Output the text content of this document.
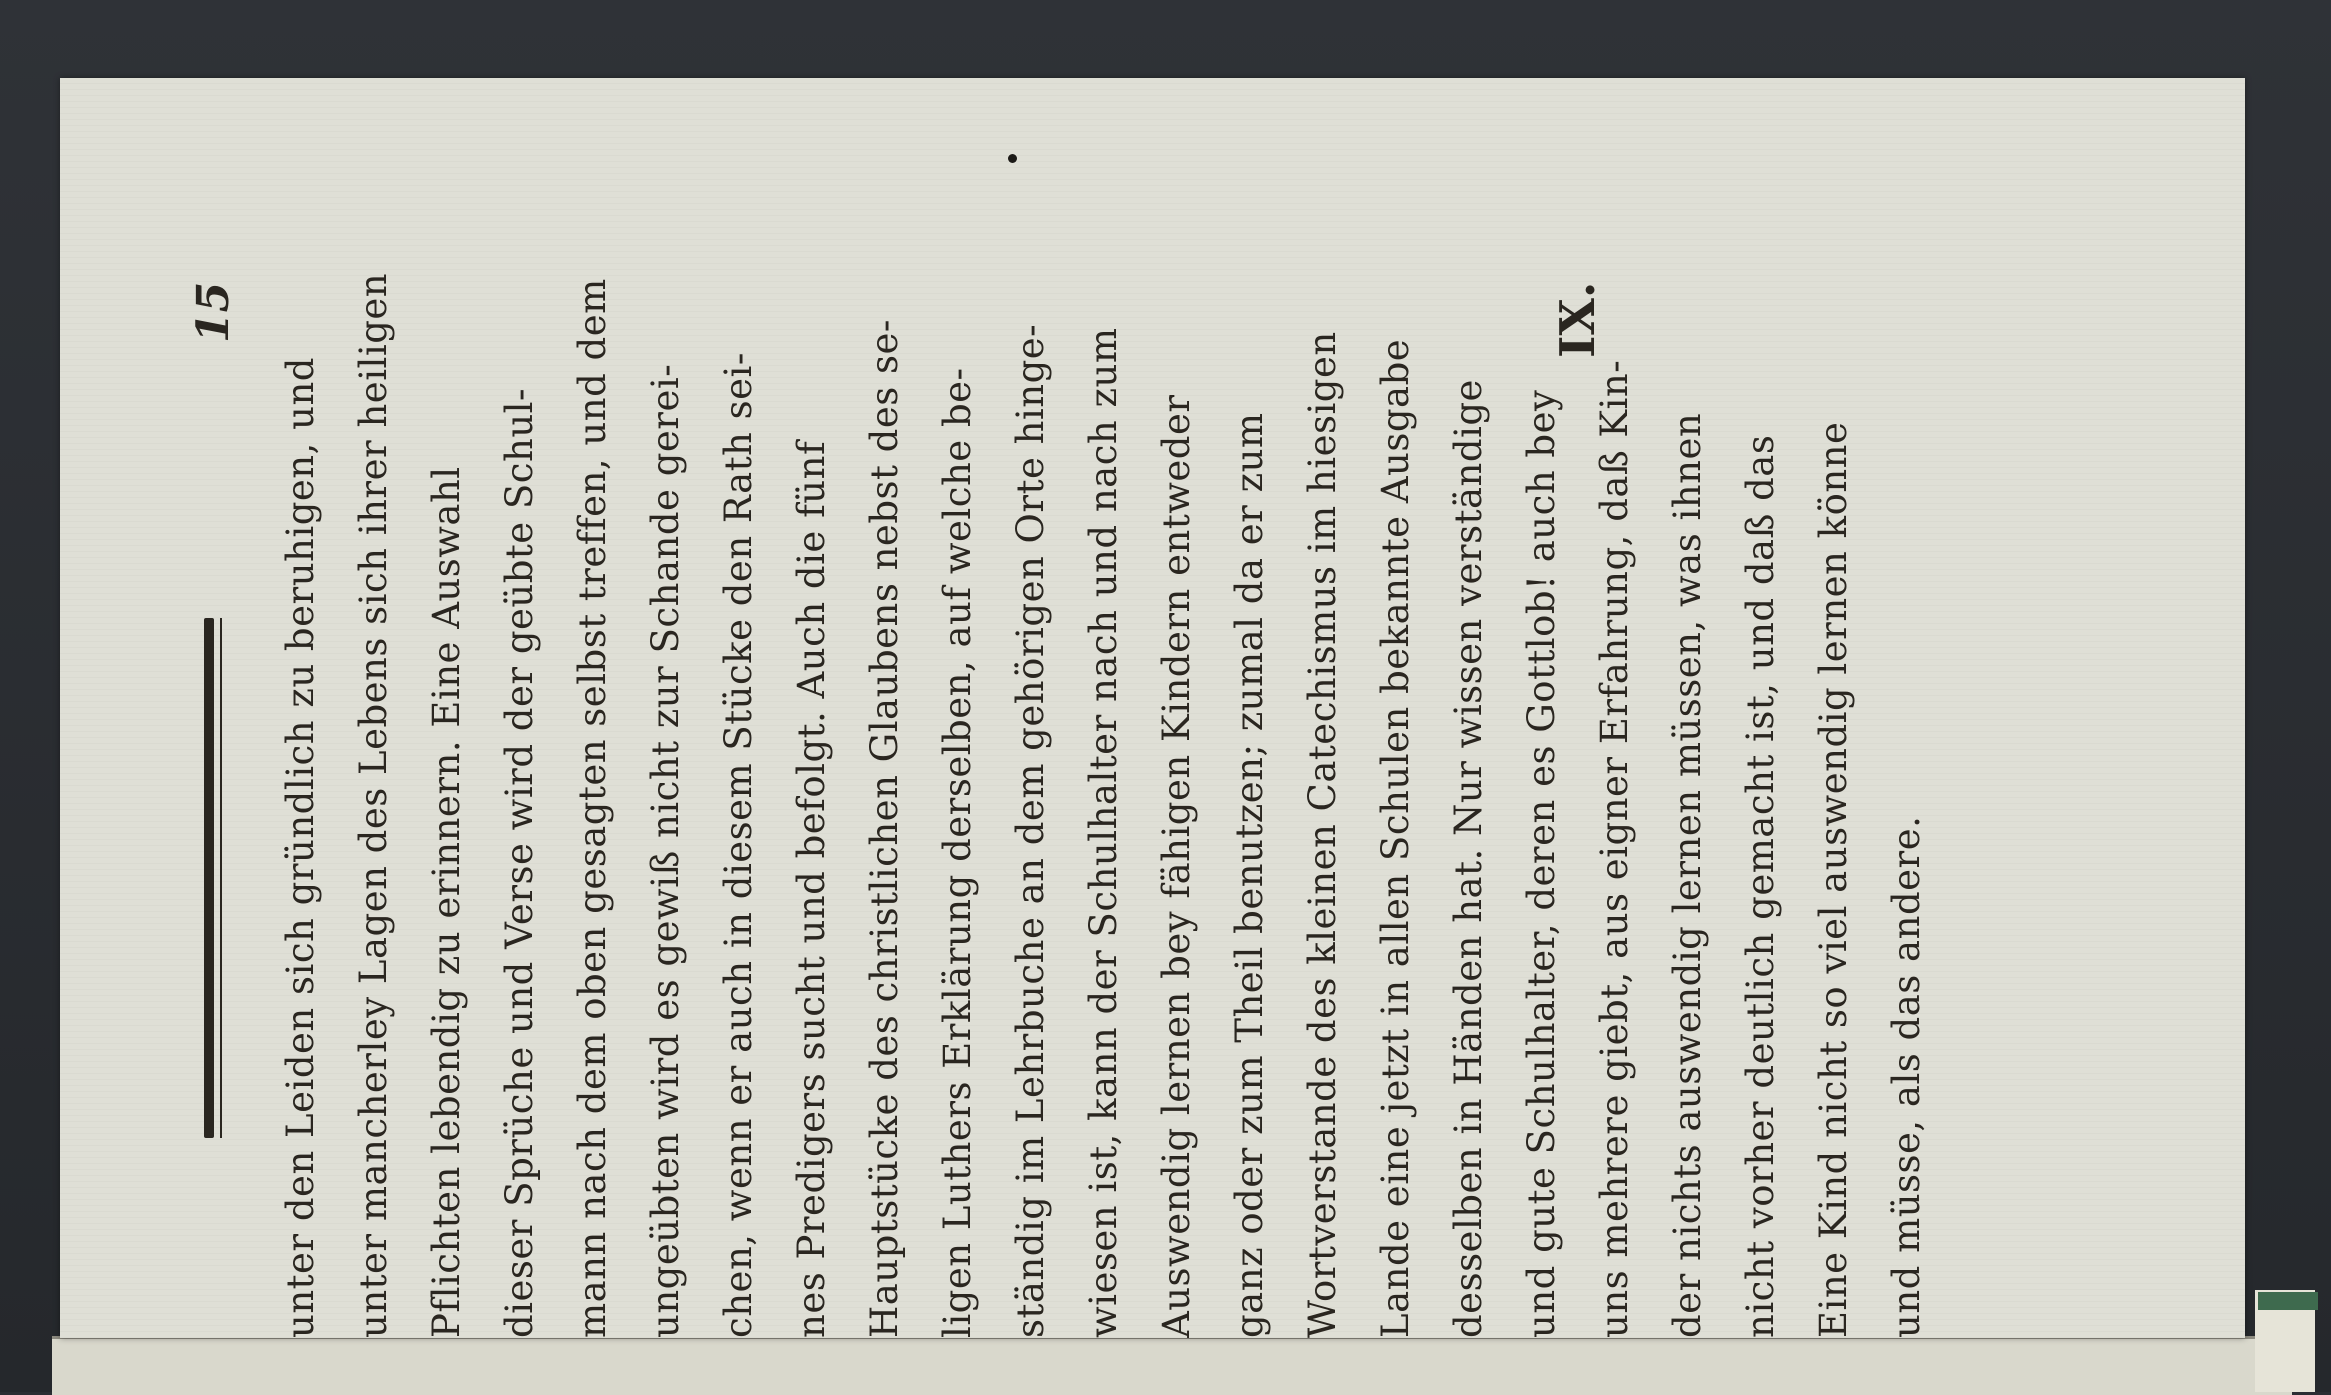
15
unter den Leiden sich gründlich zu beruhigen, und unter mancherley Lagen des Lebens sich ihrer heiligen Pflichten lebendig zu erinnern. Eine Auswahl dieser Sprüche und Verse wird der geübte Schul- mann nach dem oben gesagten selbst treffen, und dem ungeübten wird es gewiß nicht zur Schande gerei- chen, wenn er auch in diesem Stücke den Rath sei- nes Predigers sucht und befolgt. Auch die fünf Hauptstücke des christlichen Glaubens nebst des se- ligen Luthers Erklärung derselben, auf welche be- ständig im Lehrbuche an dem gehörigen Orte hinge- wiesen ist, kann der Schulhalter nach und nach zum Auswendig lernen bey fähigen Kindern entweder ganz oder zum Theil benutzen; zumal da er zum Wortverstande des kleinen Catechismus im hiesigen Lande eine jetzt in allen Schulen bekannte Ausgabe desselben in Händen hat. Nur wissen verständige und gute Schulhalter, deren es Gottlob! auch bey uns mehrere giebt, aus eigner Erfahrung, daß Kin- der nichts auswendig lernen müssen, was ihnen nicht vorher deutlich gemacht ist, und daß das Eine Kind nicht so viel auswendig lernen könne und müsse, als das andere.
IX.
